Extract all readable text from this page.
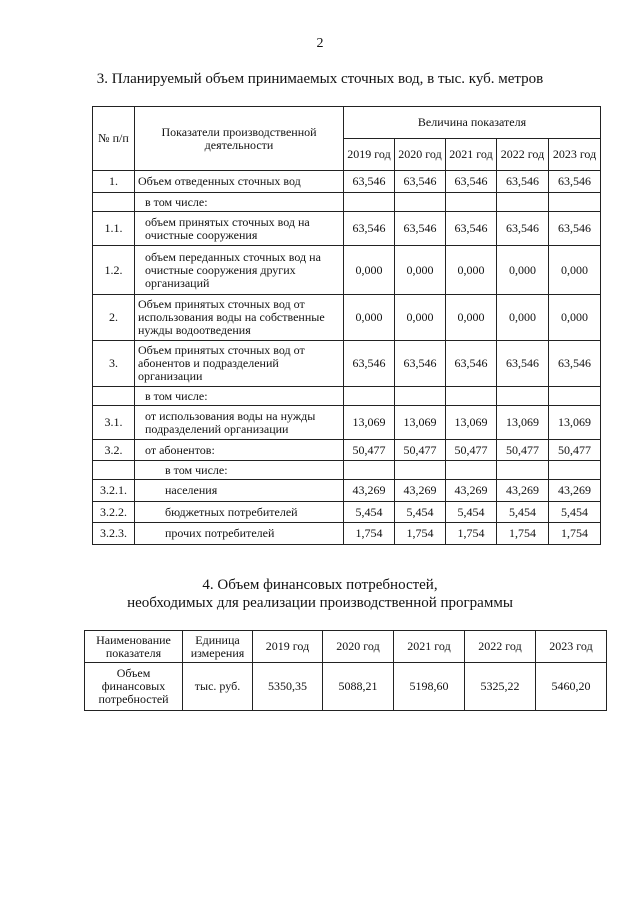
2
3. Планируемый объем принимаемых сточных вод, в тыс. куб. метров
№ п/п	Показатели производственной деятельности	Величина показателя				
		2019 год	2020 год	2021 год	2022 год	2023 год
1.	Объем отведенных сточных вод	63,546	63,546	63,546	63,546	63,546
	в том числе:					
1.1.	объем принятых сточных вод на очистные сооружения	63,546	63,546	63,546	63,546	63,546
1.2.	объем переданных сточных вод на очистные сооружения других организаций	0,000	0,000	0,000	0,000	0,000
2.	Объем принятых сточных вод от использования воды на собственные нужды водоотведения	0,000	0,000	0,000	0,000	0,000
3.	Объем принятых сточных вод от абонентов и подразделений организации	63,546	63,546	63,546	63,546	63,546
	в том числе:					
3.1.	от использования воды на нужды подразделений организации	13,069	13,069	13,069	13,069	13,069
3.2.	от абонентов:	50,477	50,477	50,477	50,477	50,477
	в том числе:					
3.2.1.	населения	43,269	43,269	43,269	43,269	43,269
3.2.2.	бюджетных потребителей	5,454	5,454	5,454	5,454	5,454
3.2.3.	прочих потребителей	1,754	1,754	1,754	1,754	1,754
4. Объем финансовых потребностей,
необходимых для реализации производственной программы
Наименование показателя	Единица измерения	2019 год	2020 год	2021 год	2022 год	2023 год
Объем финансовых потребностей	тыс. руб.	5350,35	5088,21	5198,60	5325,22	5460,20
